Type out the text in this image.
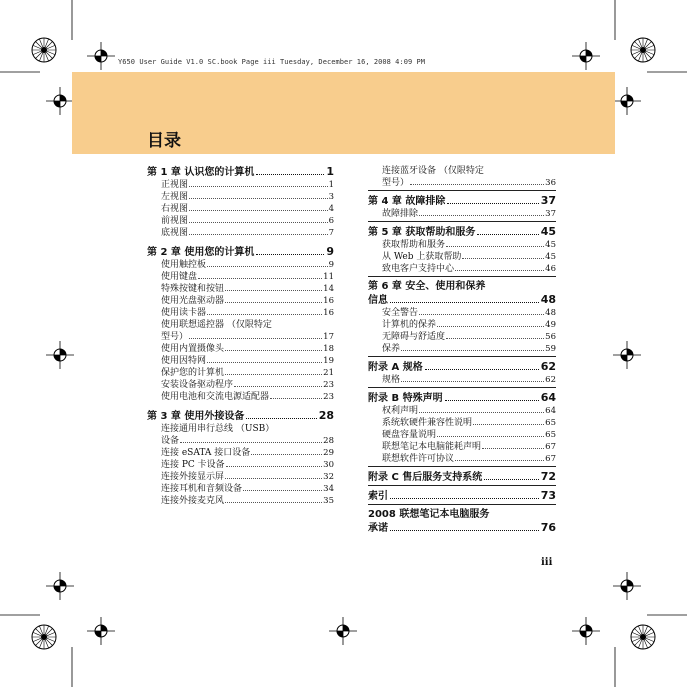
Y650 User Guide V1.0 SC.book Page iii Tuesday, December 16, 2008 4:09 PM
目录
第 1 章 认识您的计算机	1
正视图	1
左视图	3
右视图	4
前视图	6
底视图	7
第 2 章 使用您的计算机	9
使用触控板	9
使用键盘	11
特殊按键和按钮	14
使用光盘驱动器	16
使用读卡器	16
使用联想遥控器 （仅限特定
型号）	17
使用内置摄像头	18
使用因特网	19
保护您的计算机	21
安装设备驱动程序	23
使用电池和交流电源适配器	23
第 3 章 使用外接设备	28
连接通用串行总线 （USB）
设备	28
连接 eSATA 接口设备	29
连接 PC 卡设备	30
连接外接显示屏	32
连接耳机和音频设备	34
连接外接麦克风	35
连接蓝牙设备 （仅限特定
型号）	36
第 4 章 故障排除	37
故障排除	37
第 5 章 获取帮助和服务	45
获取帮助和服务	45
从 Web 上获取帮助	45
致电客户支持中心	46
第 6 章 安全、使用和保养
信息	48
安全警告	48
计算机的保养	49
无障碍与舒适度	56
保养	59
附录 A 规格	62
规格	62
附录 B 特殊声明	64
权利声明	64
系统软硬件兼容性说明	65
硬盘容量说明	65
联想笔记本电脑能耗声明	67
联想软件许可协议	67
附录 C 售后服务支持系统	72
索引	73
2008 联想笔记本电脑服务
承诺	76
iii
